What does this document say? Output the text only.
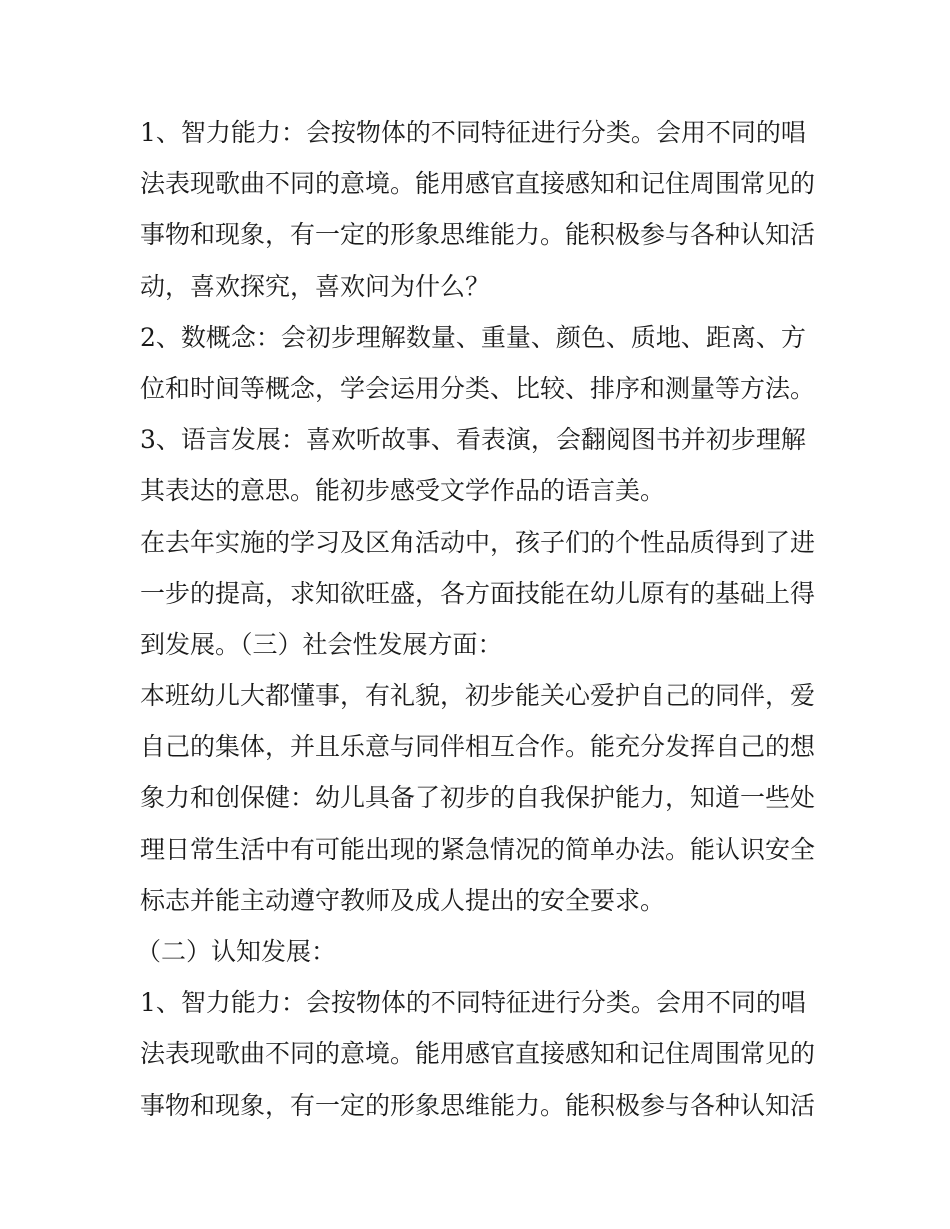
1、智力能力：会按物体的不同特征进行分类。会用不同的唱
法表现歌曲不同的意境。能用感官直接感知和记住周围常见的
事物和现象，有一定的形象思维能力。能积极参与各种认知活
动，喜欢探究，喜欢问为什么？
2、数概念：会初步理解数量、重量、颜色、质地、距离、方
位和时间等概念，学会运用分类、比较、排序和测量等方法。
3、语言发展：喜欢听故事、看表演，会翻阅图书并初步理解
其表达的意思。能初步感受文学作品的语言美。
在去年实施的学习及区角活动中，孩子们的个性品质得到了进
一步的提高，求知欲旺盛，各方面技能在幼儿原有的基础上得
到发展。（三）社会性发展方面：
本班幼儿大都懂事，有礼貌，初步能关心爱护自己的同伴，爱
自己的集体，并且乐意与同伴相互合作。能充分发挥自己的想
象力和创保健：幼儿具备了初步的自我保护能力，知道一些处
理日常生活中有可能出现的紧急情况的简单办法。能认识安全
标志并能主动遵守教师及成人提出的安全要求。
（二）认知发展：
1、智力能力：会按物体的不同特征进行分类。会用不同的唱
法表现歌曲不同的意境。能用感官直接感知和记住周围常见的
事物和现象，有一定的形象思维能力。能积极参与各种认知活
